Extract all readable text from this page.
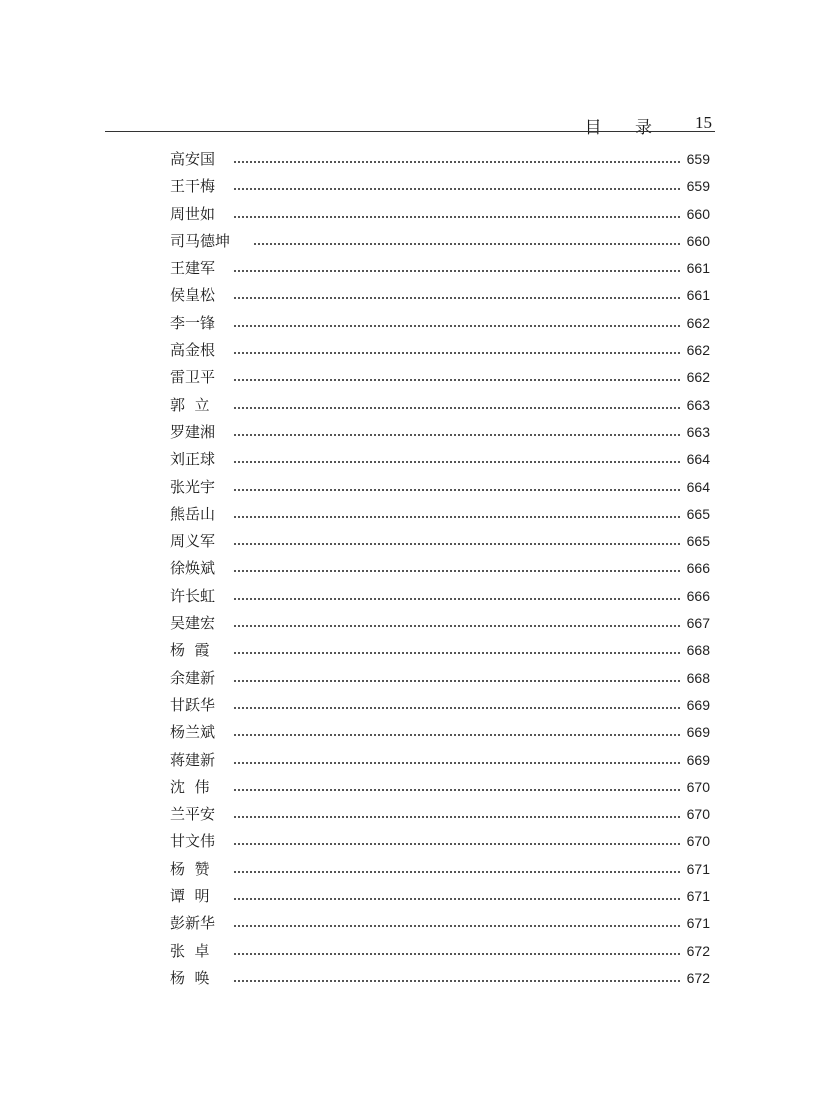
目 录 15
高安国	659
王干梅	659
周世如	660
司马德坤	660
王建军	661
侯皇松	661
李一锋	662
高金根	662
雷卫平	662
郭  立	663
罗建湘	663
刘正球	664
张光宇	664
熊岳山	665
周义军	665
徐焕斌	666
许长虹	666
吴建宏	667
杨  霞	668
余建新	668
甘跃华	669
杨兰斌	669
蒋建新	669
沈  伟	670
兰平安	670
甘文伟	670
杨  赞	671
谭  明	671
彭新华	671
张  卓	672
杨  唤	672
